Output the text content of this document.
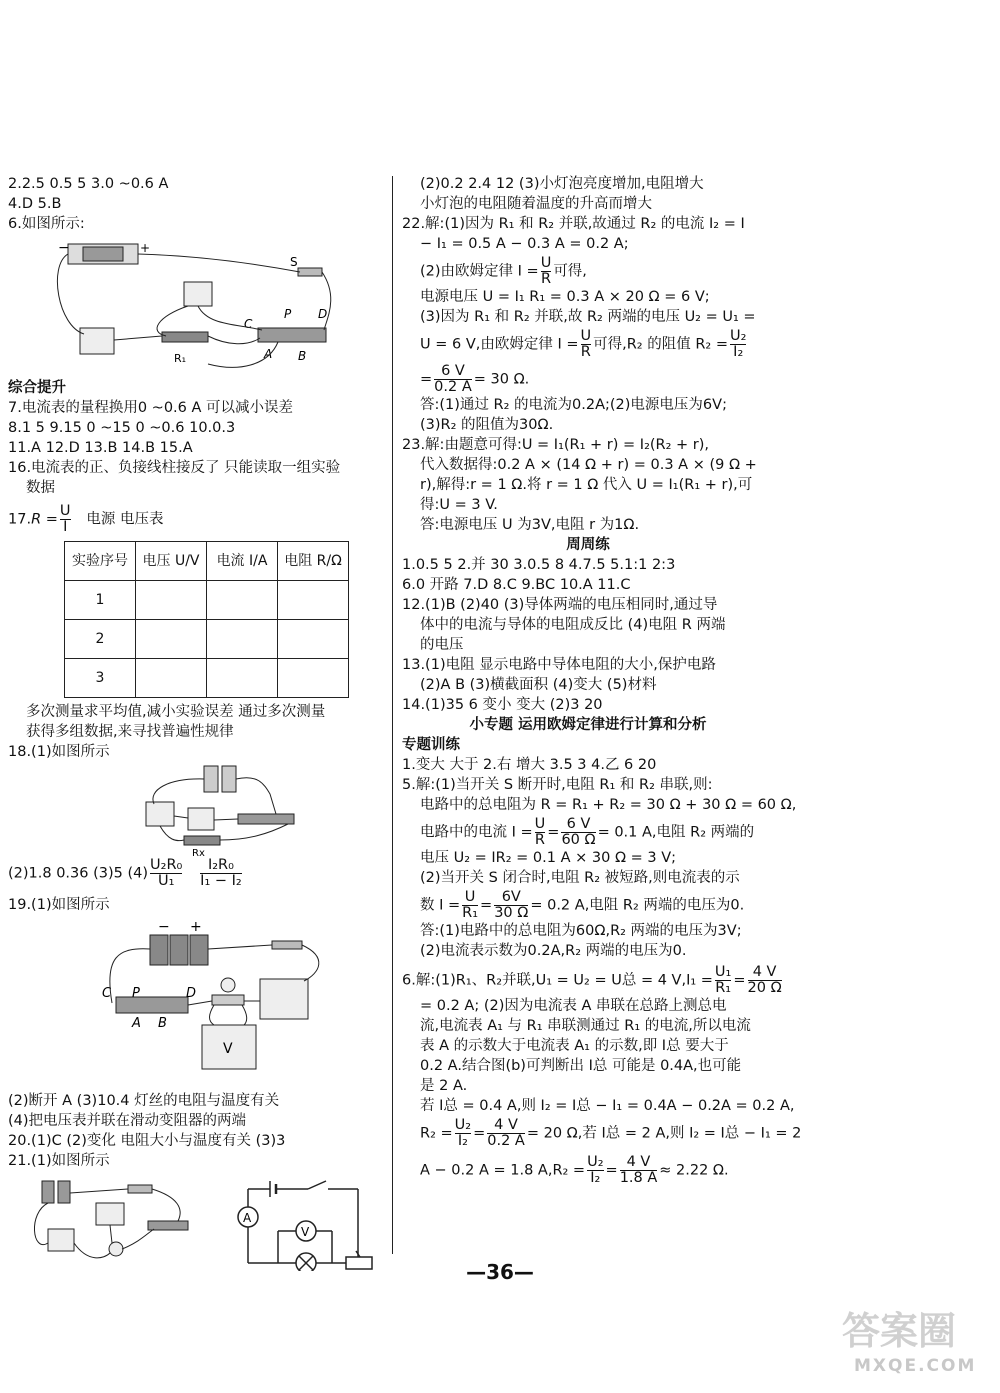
2.2.5 0.5 5 3.0 ~0.6 A
4.D 5.B
6.如图所示:
−	+
S
R₁
P
C
D
A B
综合提升
7.电流表的量程换用0 ~0.6 A 可以减小误差
8.1 5 9.15 0 ~15 0 ~0.6 10.0.3
11.A 12.D 13.B 14.B 15.A
16.电流表的正、负接线柱接反了 只能读取一组实验
数据
$17.R = \frac{U}{I}$ 电源 电压表
实验序号	电压 U/V	电流 I/A	电阻 R/Ω
1			
2			
3			
多次测量求平均值,减小实验误差 通过多次测量
获得多组数据,来寻找普遍性规律
18.(1)如图所示
Rx
(2)1.8 0.36 (3)5 $(4) \frac{\text{U₂R₀}}{\text{U₁}}$
$\frac{\text{I₂R₀}}{\text{I₁ − I₂}}$
19.(1)如图所示
− +
C P	D
A B
V
(2)断开 A (3)10.4 灯丝的电阻与温度有关
(4)把电压表并联在滑动变阻器的两端
20.(1)C (2)变化 电阻大小与温度有关 (3)3
21.(1)如图所示
A
V
(2)0.2 2.4 12 (3)小灯泡亮度增加,电阻增大
小灯泡的电阻随着温度的升高而增大
22.解:(1)因为 R₁ 和 R₂ 并联,故通过 R₂ 的电流 I₂ = I
− I₁ = 0.5 A − 0.3 A = 0.2 A;
(2)由欧姆定律 $I = \frac{U}{R}$ 可得,
电源电压 U = I₁ R₁ = 0.3 A × 20 Ω = 6 V;
(3)因为 R₁ 和 R₂ 并联,故 R₂ 两端的电压 U₂ = U₁ =
U = 6 V,由欧姆定律 $I = \frac{U}{R}$ 可得,R₂ 的阻值 $R_2 = \frac{\text{U₂}}{\text{I₂}}$
= $\frac{6 V}{0.2 A} = 30$ Ω.
答:(1)通过 R₂ 的电流为0.2A;(2)电源电压为6V;
(3)R₂ 的阻值为30Ω.
23.解:由题意可得:U = I₁(R₁ + r) = I₂(R₂ + r),
代入数据得:0.2 A × (14 Ω + r) = 0.3 A × (9 Ω +
r),解得:r = 1 Ω.将 r = 1 Ω 代入 U = I₁(R₁ + r),可
得:U = 3 V.
答:电源电压 U 为3V,电阻 r 为1Ω.
周周练
1.0.5 5 2.并 30 3.0.5 8 4.7.5 5.1:1 2:3
6.0 开路 7.D 8.C 9.BC 10.A 11.C
12.(1)B (2)40 (3)导体两端的电压相同时,通过导
体中的电流与导体的电阻成反比 (4)电阻 R 两端
的电压
13.(1)电阻 显示电路中导体电阻的大小,保护电路
(2)A B (3)横截面积 (4)变大 (5)材料
14.(1)35 6 变小 变大 (2)3 20
小专题 运用欧姆定律进行计算和分析
专题训练
1.变大 大于 2.右 增大 3.5 3 4.乙 6 20
5.解:(1)当开关 S 断开时,电阻 R₁ 和 R₂ 串联,则:
电路中的总电阻为 R = R₁ + R₂ = 30 Ω + 30 Ω = 60 Ω,
电路中的电流 $I = \frac{U}{R} = \frac{6 V}{60 \Omega} = 0.1$ A,电阻 R₂ 两端的
电压 U₂ = IR₂ = 0.1 A × 30 Ω = 3 V;
(2)当开关 S 闭合时,电阻 R₂ 被短路,则电流表的示
数 $I = \frac{U}{\text{R₁}} = \frac{6V}{30 \Omega} = 0.2$ A,电阻 R₂ 两端的电压为0.
答:(1)电路中的总电阻为60Ω,R₂ 两端的电压为3V;
(2)电流表示数为0.2A,R₂ 两端的电压为0.
6.解:(1)R₁、R₂并联,U₁ = U₂ = U总 = 4 $V,I_1 = \frac{\text{U₁}}{\text{R₁}} = \frac{4 V}{20 \Omega}$
= 0.2 A; (2)因为电流表 A 串联在总路上测总电
流,电流表 A₁ 与 R₁ 串联测通过 R₁ 的电流,所以电流
表 A 的示数大于电流表 A₁ 的示数,即 I总 要大于
0.2 A.结合图(b)可判断出 I总 可能是 0.4A,也可能
是 2 A.
若 I总 = 0.4 A,则 I₂ = I总 − I₁ = 0.4A − 0.2A = 0.2 A,
$R_2 = \frac{\text{U₂}}{\text{I₂}} = \frac{4 V}{0.2 A} = 20$ Ω,若 I总 = 2 A,则 I₂ = I总 − I₁ = 2
A − 0.2 A = 1.8 $A,R_2 = \frac{\text{U₂}}{\text{I₂}} = \frac{4 V}{1.8 A} \approx 2.22$ Ω.
—36—
答案圈
MXQE.COM
